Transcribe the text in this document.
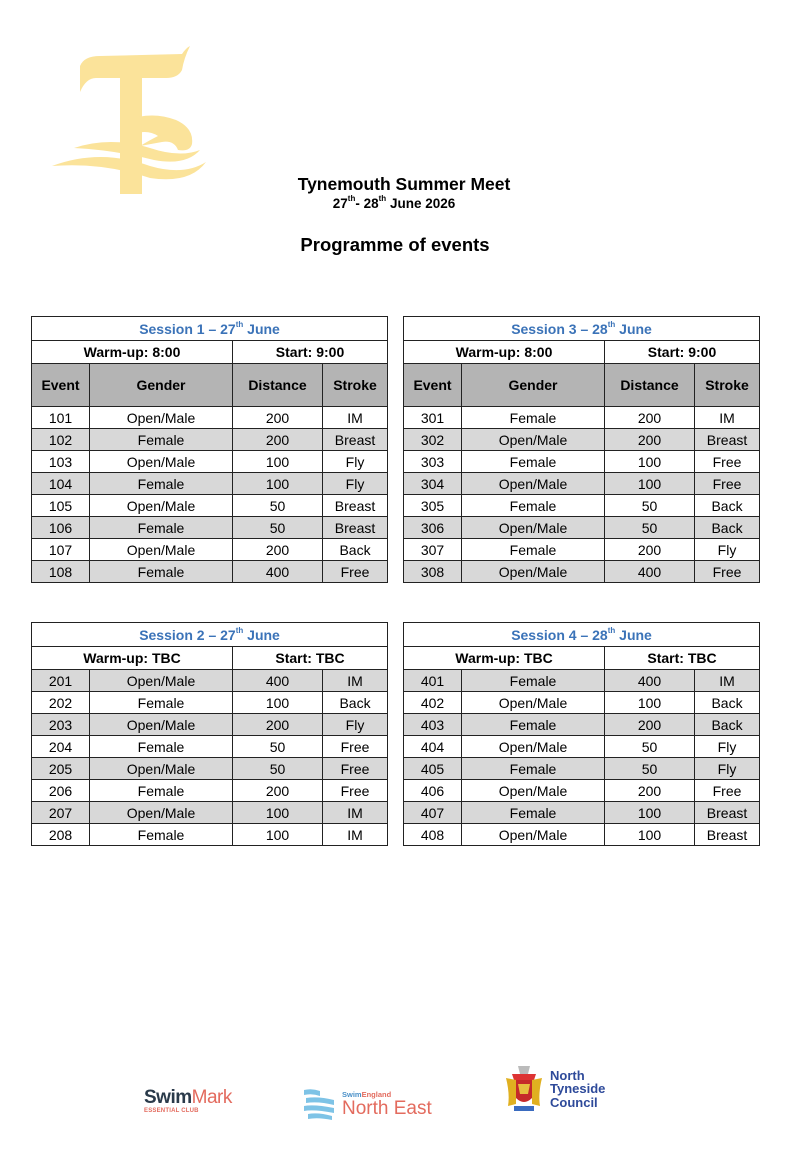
Tynemouth Summer Meet
27th- 28th June 2026
Programme of events
Session 1 – 27th June			
Warm-up: 8:00		Start: 9:00	
Event	Gender	Distance	Stroke
101	Open/Male	200	IM
102	Female	200	Breast
103	Open/Male	100	Fly
104	Female	100	Fly
105	Open/Male	50	Breast
106	Female	50	Breast
107	Open/Male	200	Back
108	Female	400	Free
Session 2 – 27th June			
Warm-up: TBC		Start: TBC	
201	Open/Male	400	IM
202	Female	100	Back
203	Open/Male	200	Fly
204	Female	50	Free
205	Open/Male	50	Free
206	Female	200	Free
207	Open/Male	100	IM
208	Female	100	IM
Session 3 – 28th June			
Warm-up: 8:00		Start: 9:00	
Event	Gender	Distance	Stroke
301	Female	200	IM
302	Open/Male	200	Breast
303	Female	100	Free
304	Open/Male	100	Free
305	Female	50	Back
306	Open/Male	50	Back
307	Female	200	Fly
308	Open/Male	400	Free
Session 4 – 28th June			
Warm-up: TBC		Start: TBC	
401	Female	400	IM
402	Open/Male	100	Back
403	Female	200	Back
404	Open/Male	50	Fly
405	Female	50	Fly
406	Open/Male	200	Free
407	Female	100	Breast
408	Open/Male	100	Breast
SwimMark
ESSENTIAL CLUB
SwimEngland
North East
North
Tyneside
Council
